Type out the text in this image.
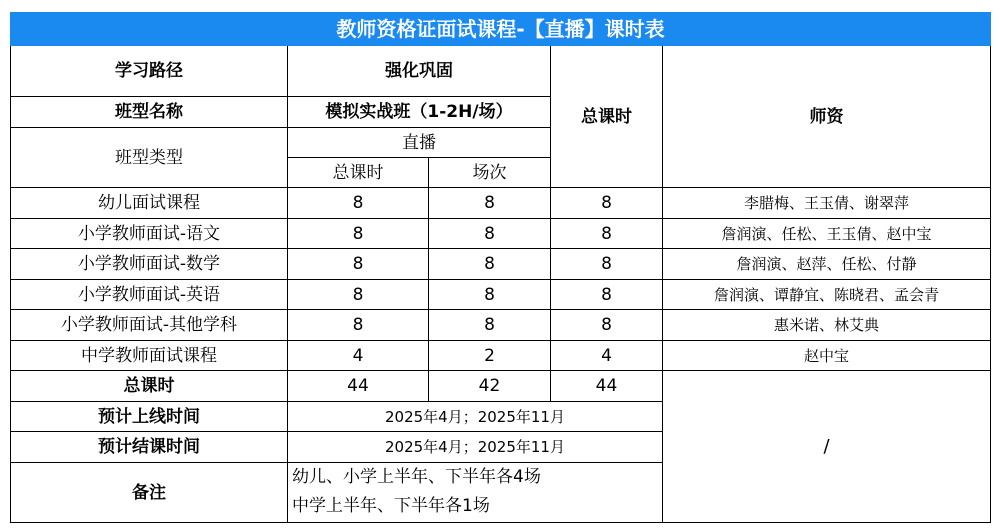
教师资格证面试课程-【直播】课时表				
学习路径	强化巩固		总课时	师资
班型名称	模拟实战班（1-2H/场）			
班型类型	直播			
	总课时	场次		
幼儿面试课程	8	8	8	李腊梅、王玉倩、谢翠萍
小学教师面试-语文	8	8	8	詹润演、任松、王玉倩、赵中宝
小学教师面试-数学	8	8	8	詹润演、赵萍、任松、付静
小学教师面试-英语	8	8	8	詹润演、谭静宜、陈晓君、孟会青
小学教师面试-其他学科	8	8	8	惠米诺、林艾典
中学教师面试课程	4	2	4	赵中宝
总课时	44	42	44	/
预计上线时间	2025年4月；2025年11月			
预计结课时间	2025年4月；2025年11月			
备注	幼儿、小学上半年、下半年各4场
中学上半年、下半年各1场			
